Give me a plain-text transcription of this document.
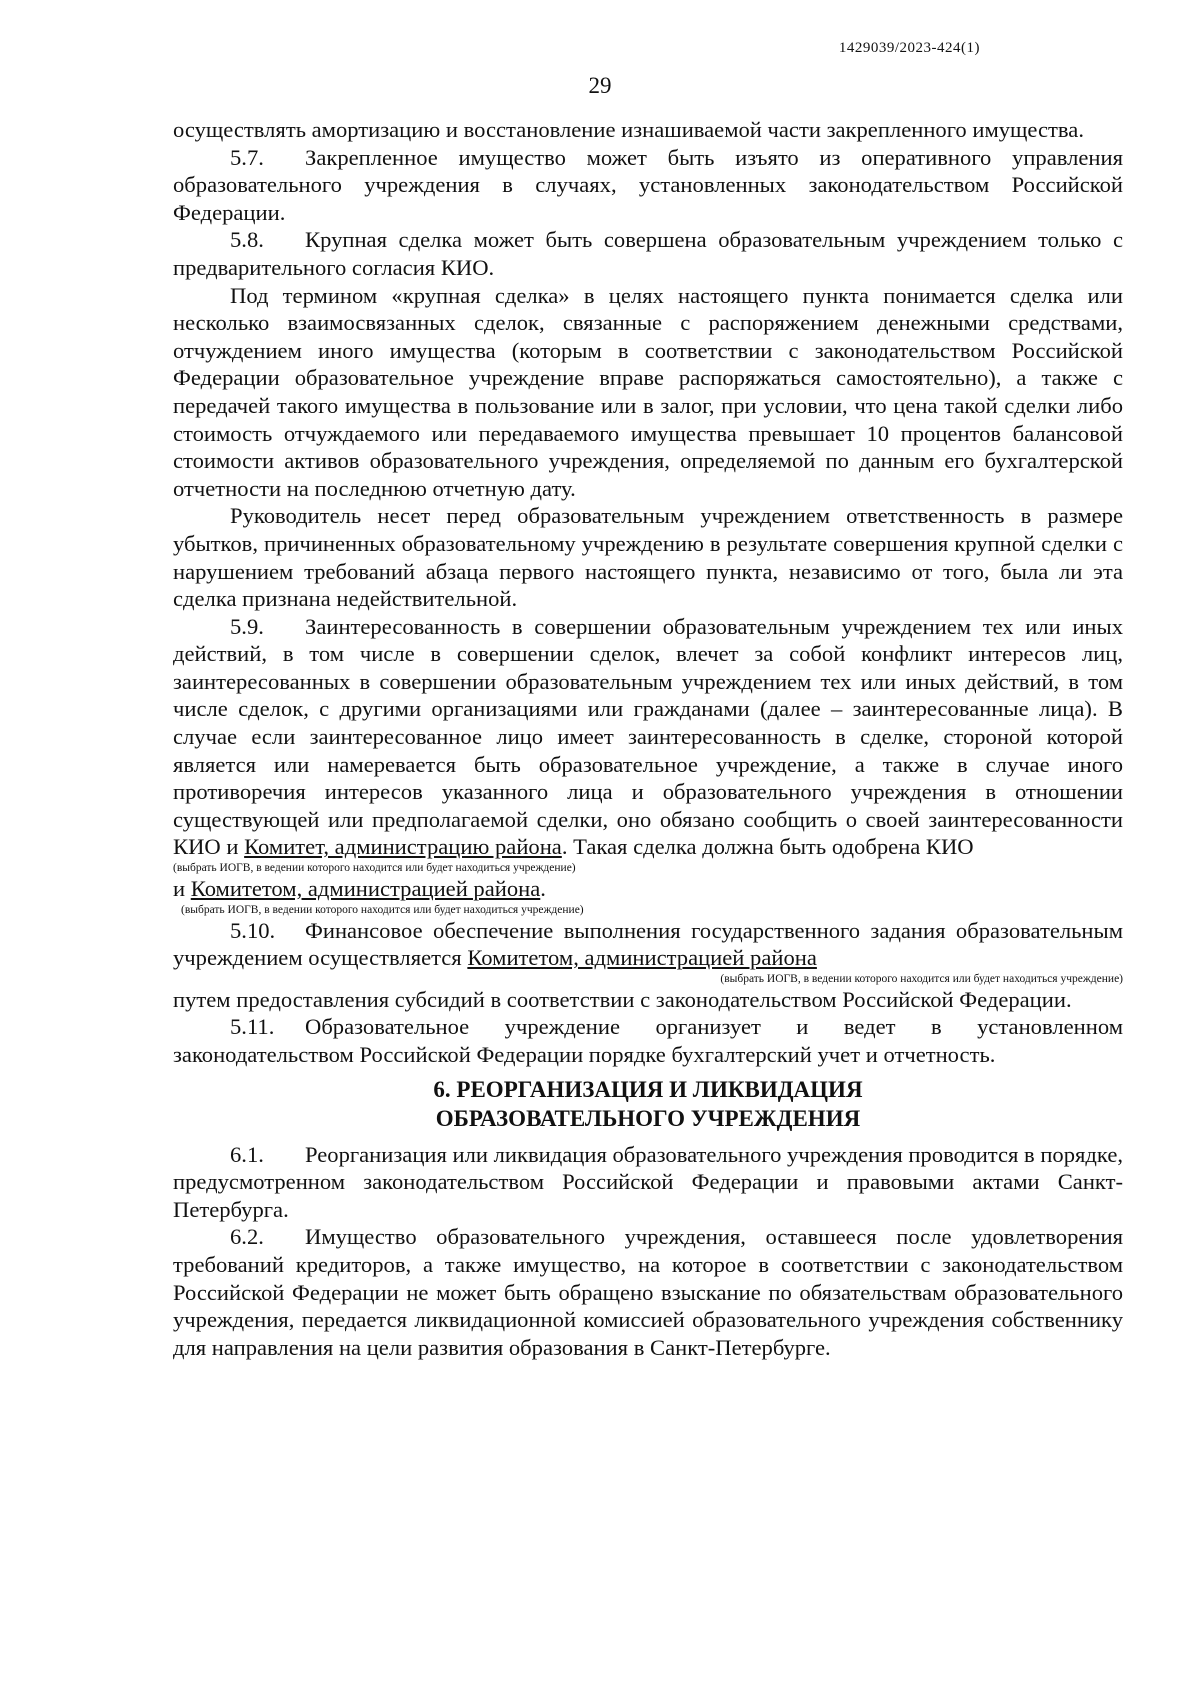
1429039/2023-424(1)
29

осуществлять амортизацию и восстановление изнашиваемой части закрепленного имущества.

5.7. Закрепленное имущество может быть изъято из оперативного управления образовательного учреждения в случаях, установленных законодательством Российской Федерации.

5.8. Крупная сделка может быть совершена образовательным учреждением только с предварительного согласия КИО.

Под термином «крупная сделка» в целях настоящего пункта понимается сделка или несколько взаимосвязанных сделок, связанные с распоряжением денежными средствами, отчуждением иного имущества (которым в соответствии с законодательством Российской Федерации образовательное учреждение вправе распоряжаться самостоятельно), а также с передачей такого имущества в пользование или в залог, при условии, что цена такой сделки либо стоимость отчуждаемого или передаваемого имущества превышает 10 процентов балансовой стоимости активов образовательного учреждения, определяемой по данным его бухгалтерской отчетности на последнюю отчетную дату.

Руководитель несет перед образовательным учреждением ответственность в размере убытков, причиненных образовательному учреждению в результате совершения крупной сделки с нарушением требований абзаца первого настоящего пункта, независимо от того, была ли эта сделка признана недействительной.

5.9. Заинтересованность в совершении образовательным учреждением тех или иных действий, в том числе в совершении сделок, влечет за собой конфликт интересов лиц, заинтересованных в совершении образовательным учреждением тех или иных действий, в том числе сделок, с другими организациями или гражданами (далее – заинтересованные лица). В случае если заинтересованное лицо имеет заинтересованность в сделке, стороной которой является или намеревается быть образовательное учреждение, а также в случае иного противоречия интересов указанного лица и образовательного учреждения в отношении существующей или предполагаемой сделки, оно обязано сообщить о своей заинтересованности КИО и Комитет, администрацию района. Такая сделка должна быть одобрена КИО

(выбрать ИОГВ, в ведении которого находится или будет находиться учреждение)

и Комитетом, администрацией района.

(выбрать ИОГВ, в ведении которого находится или будет находиться учреждение)

5.10. Финансовое обеспечение выполнения государственного задания образовательным учреждением осуществляется Комитетом, администрацией района

(выбрать ИОГВ, в ведении которого находится или будет находиться учреждение)

путем предоставления субсидий в соответствии с законодательством Российской Федерации.

5.11. Образовательное учреждение организует и ведет в установленном законодательством Российской Федерации порядке бухгалтерский учет и отчетность.

6. РЕОРГАНИЗАЦИЯ И ЛИКВИДАЦИЯ
ОБРАЗОВАТЕЛЬНОГО УЧРЕЖДЕНИЯ

6.1. Реорганизация или ликвидация образовательного учреждения проводится в порядке, предусмотренном законодательством Российской Федерации и правовыми актами Санкт-Петербурга.

6.2. Имущество образовательного учреждения, оставшееся после удовлетворения требований кредиторов, а также имущество, на которое в соответствии с законодательством Российской Федерации не может быть обращено взыскание по обязательствам образовательного учреждения, передается ликвидационной комиссией образовательного учреждения собственнику для направления на цели развития образования в Санкт-Петербурге.
